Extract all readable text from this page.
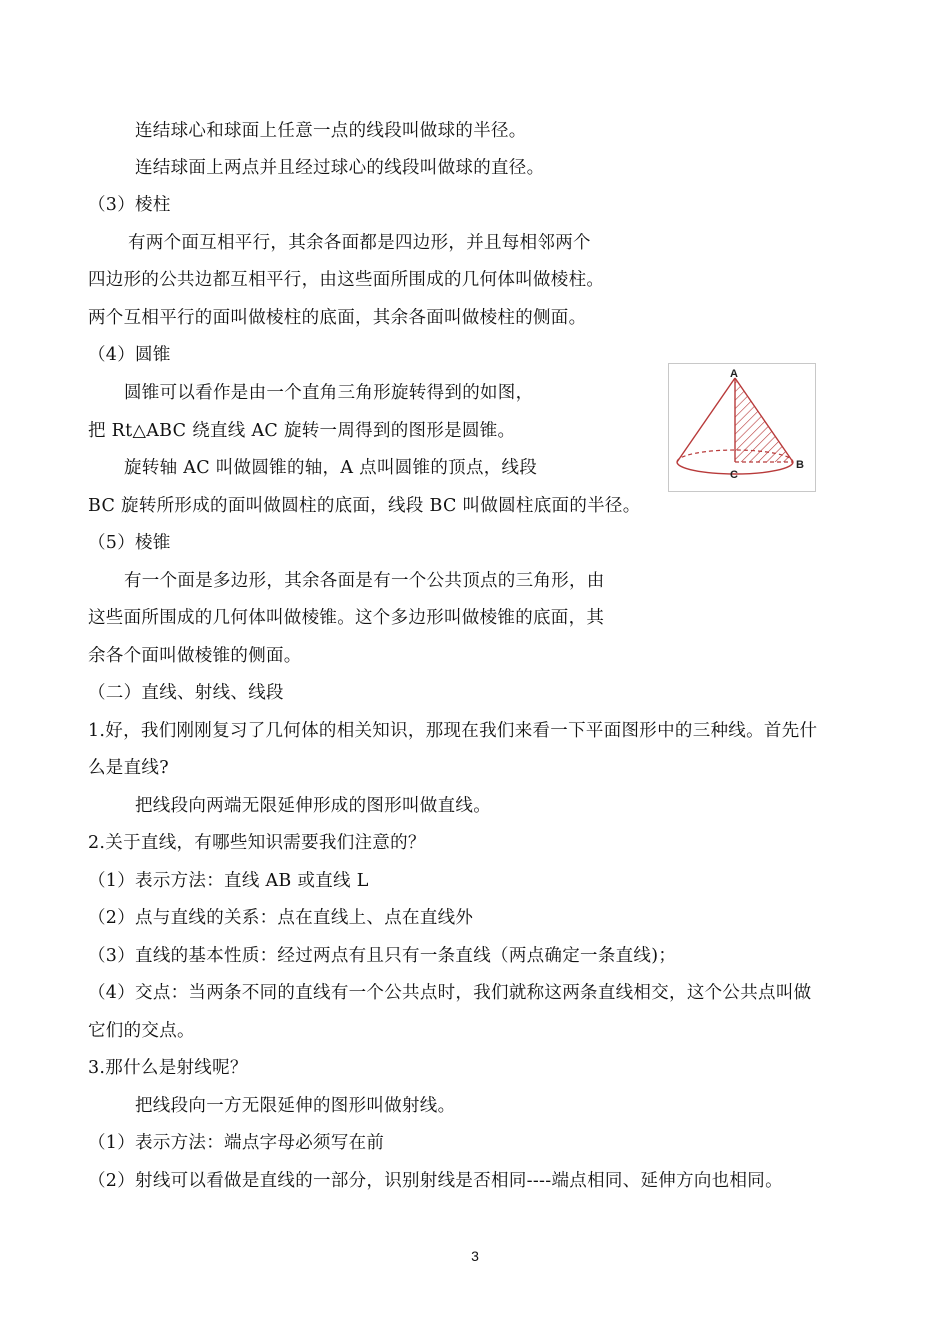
连结球心和球面上任意一点的线段叫做球的半径。
连结球面上两点并且经过球心的线段叫做球的直径。
（3）棱柱
有两个面互相平行，其余各面都是四边形，并且每相邻两个
四边形的公共边都互相平行，由这些面所围成的几何体叫做棱柱。
两个互相平行的面叫做棱柱的底面，其余各面叫做棱柱的侧面。
（4）圆锥
圆锥可以看作是由一个直角三角形旋转得到的如图，
把 Rt△ABC 绕直线 AC 旋转一周得到的图形是圆锥。
旋转轴 AC 叫做圆锥的轴，A 点叫圆锥的顶点，线段
BC 旋转所形成的面叫做圆柱的底面，线段 BC 叫做圆柱底面的半径。
（5）棱锥
有一个面是多边形，其余各面是有一个公共顶点的三角形，由
这些面所围成的几何体叫做棱锥。这个多边形叫做棱锥的底面，其
余各个面叫做棱锥的侧面。
（二）直线、射线、线段
1.好，我们刚刚复习了几何体的相关知识，那现在我们来看一下平面图形中的三种线。首先什
么是直线?
把线段向两端无限延伸形成的图形叫做直线。
2.关于直线，有哪些知识需要我们注意的？
（1）表示方法：直线 AB 或直线 L
（2）点与直线的关系：点在直线上、点在直线外
（3）直线的基本性质：经过两点有且只有一条直线（两点确定一条直线)；
（4）交点：当两条不同的直线有一个公共点时，我们就称这两条直线相交，这个公共点叫做
它们的交点。
3.那什么是射线呢？
把线段向一方无限延伸的图形叫做射线。
（1）表示方法：端点字母必须写在前
（2）射线可以看做是直线的一部分，识别射线是否相同----端点相同、延伸方向也相同。
A
C
B
3
